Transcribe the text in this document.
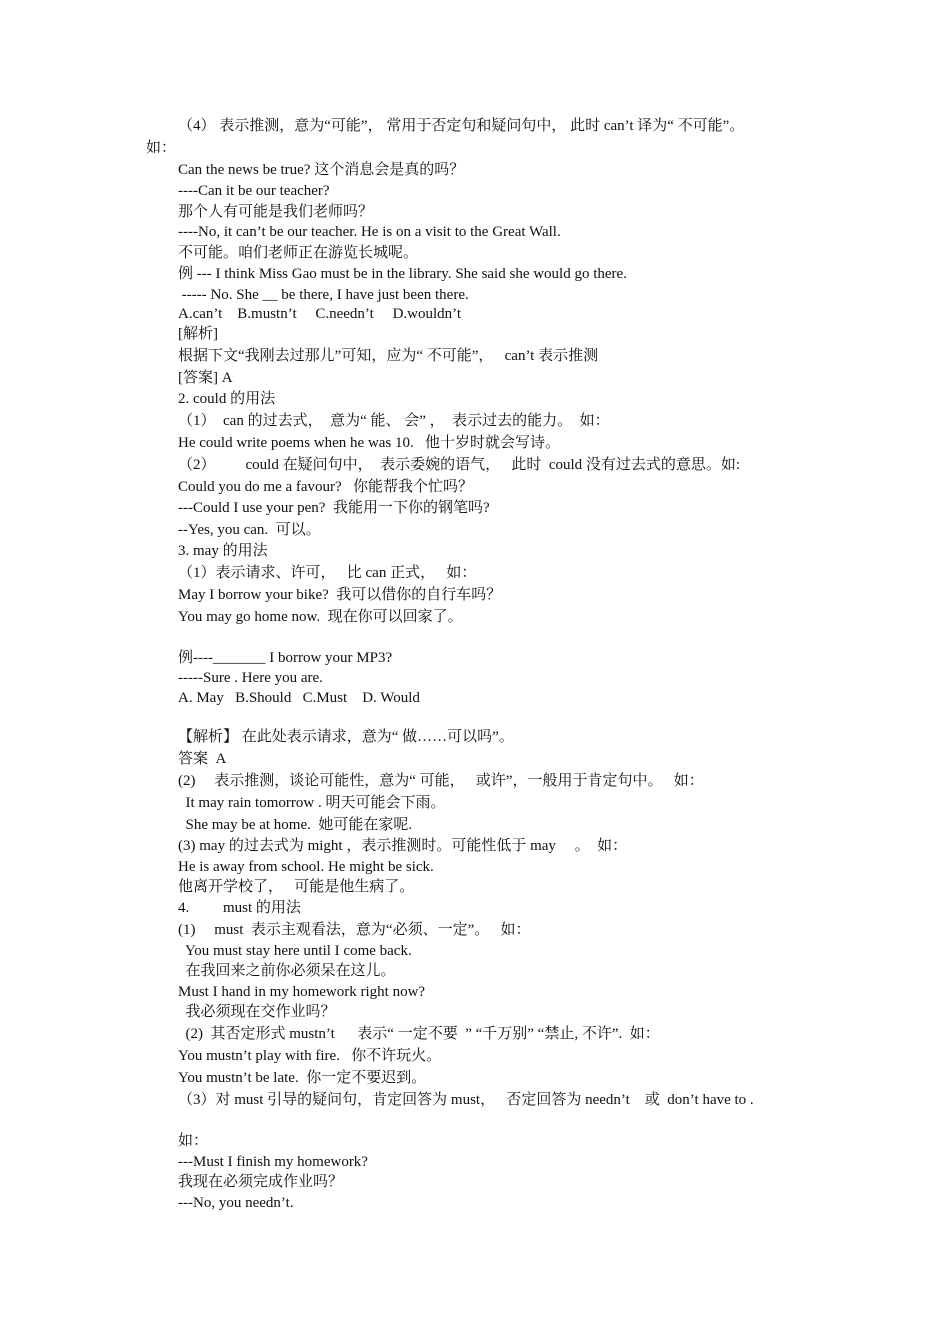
（4） 表示推测，意为“可能”， 常用于否定句和疑问句中， 此时 can’t 译为“ 不可能”。
如：
Can the news be true? 这个消息会是真的吗？
----Can it be our teacher?
那个人有可能是我们老师吗？
----No, it can’t be our teacher. He is on a visit to the Great Wall.
不可能。咱们老师正在游览长城呢。
例 --- I think Miss Gao must be in the library. She said she would go there.
----- No. She __ be there, I have just been there.
A.can’t    B.mustn’t     C.needn’t     D.wouldn’t
[解析]
根据下文“我刚去过那儿”可知，应为“ 不可能”，   can’t 表示推测
[答案] A
2. could 的用法
（1）  can 的过去式，  意为“ 能、 会” ，  表示过去的能力。  如：
He could write poems when he was 10.   他十岁时就会写诗。
（2）        could 在疑问句中，  表示委婉的语气，   此时  could 没有过去式的意思。如:
Could you do me a favour?   你能帮我个忙吗？
---Could I use your pen?  我能用一下你的钢笔吗?
--Yes, you can.  可以。
3. may 的用法
（1）表示请求、许可，   比 can 正式，   如：
May I borrow your bike?  我可以借你的自行车吗？
You may go home now.  现在你可以回家了。
例----_______ I borrow your MP3?
-----Sure . Here you are.
A. May   B.Should   C.Must    D. Would
【解析】 在此处表示请求，意为“ 做……可以吗”。
答案  A
(2)     表示推测，谈论可能性，意为“ 可能，   或许”，一般用于肯定句中。   如：
It may rain tomorrow . 明天可能会下雨。
She may be at home.  她可能在家呢.
(3) may 的过去式为 might ，表示推测时。可能性低于 may     。  如：
He is away from school. He might be sick.
他离开学校了，   可能是他生病了。
4.         must 的用法
(1)     must  表示主观看法，意为“必须、一定”。   如：
You must stay here until I come back.
在我回来之前你必须呆在这儿。
Must I hand in my homework right now?
我必须现在交作业吗？
(2)  其否定形式 mustn’t      表示“ 一定不要  ” “千万别” “禁止, 不许”.  如：
You mustn’t play with fire.   你不许玩火。
You mustn’t be late.  你一定不要迟到。
（3）对 must 引导的疑问句，肯定回答为 must，   否定回答为 needn’t    或  don’t have to .
如：
---Must I finish my homework?
我现在必须完成作业吗？
---No, you needn’t.
